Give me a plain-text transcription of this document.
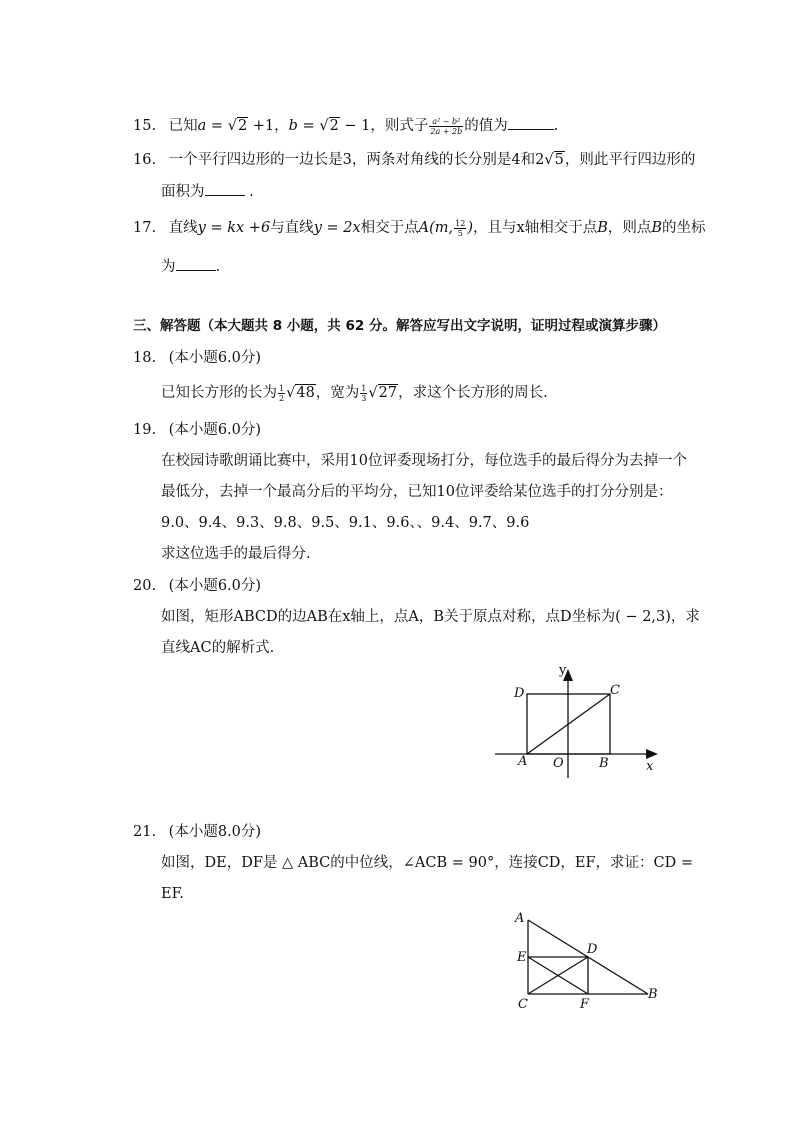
15. 已知a = √2 +1，b = √2 − 1，则式子 $\frac{\text{a² − b²}}{2a + 2b}$ 的值为	.
16. 一个平行四边形的一边长是3，两条对角线的长分别是4和2√5，则此平行四边形的
面积为	.
17. 直线y = kx +6与直线y = 2x相交于点A(m, $\frac{12}{5}$ )，且与x轴相交于点B，则点B的坐标
为	.
三、解答题（本大题共 8 小题，共 62 分。解答应写出文字说明，证明过程或演算步骤）
18. (本小题6.0分)
已知长方形的长为 $\frac{1}{2} √48$，宽为 $\frac{1}{3} √27$，求这个长方形的周长.
19. (本小题6.0分)
在校园诗歌朗诵比赛中，采用10位评委现场打分，每位选手的最后得分为去掉一个
最低分，去掉一个最高分后的平均分，已知10位评委给某位选手的打分分别是：
9.0、9.4、9.3、9.8、9.5、9.1、9.6、、9.4、9.7、9.6
求这位选手的最后得分.
20. (本小题6.0分)
如图，矩形ABCD的边AB在x轴上，点A，B关于原点对称，点D坐标为( − 2,3)，求
直线AC的解析式.
y
D	C
A O	B	x
21. (本小题8.0分)
如图，DE，DF是 △ ABC的中位线，∠ACB = 90°，连接CD，EF，求证：CD =
EF.
A
E
D
C	F
B
